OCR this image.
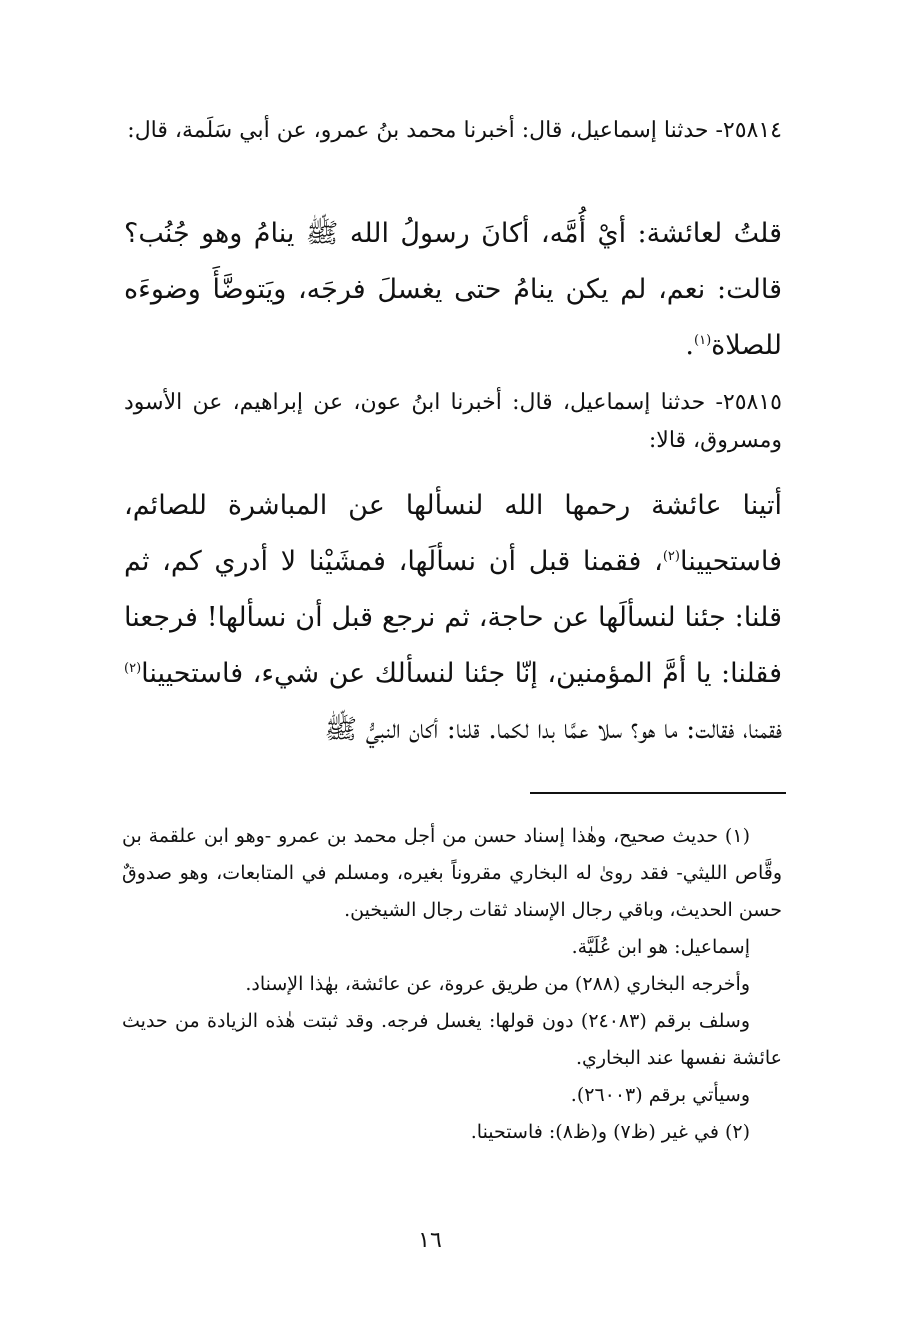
٢٥٨١٤- حدثنا إسماعيل، قال: أخبرنا محمد بنُ عمرو، عن أبي سَلَمة، قال:

قلتُ لعائشة: أيْ أُمَّه، أكانَ رسولُ الله ﷺ ينامُ وهو جُنُب؟ قالت: نعم، لم يكن ينامُ حتى يغسلَ فرجَه، ويَتوضَّأَ وضوءَه للصلاة$^{(١)}$.

٢٥٨١٥- حدثنا إسماعيل، قال: أخبرنا ابنُ عون، عن إبراهيم، عن الأسود ومسروق، قالا:

أتينا عائشة رحمها الله لنسألها عن المباشرة للصائم، فاستحيينا$^{(٢)}$، فقمنا قبل أن نسألَها، فمشَيْنا لا أدري كم، ثم قلنا: جئنا لنسألَها عن حاجة، ثم نرجع قبل أن نسألها! فرجعنا فقلنا: يا أمَّ المؤمنين، إنّا جئنا لنسألك عن شيء، فاستحيينا$^{(٢)}$ فقمنا، فقالت: ما هو؟ سلا عمَّا بدا لكما. قلنا: أكان النبيُّ ﷺ

(١) حديث صحيح، وهٰذا إسناد حسن من أجل محمد بن عمرو -وهو ابن علقمة بن وقَّاص الليثي- فقد روىٰ له البخاري مقروناً بغيره، ومسلم في المتابعات، وهو صدوقٌ حسن الحديث، وباقي رجال الإسناد ثقات رجال الشيخين.

إسماعيل: هو ابن عُلَيَّة.

وأخرجه البخاري (٢٨٨) من طريق عروة، عن عائشة، بهٰذا الإسناد.

وسلف برقم (٢٤٠٨٣) دون قولها: يغسل فرجه. وقد ثبتت هٰذه الزيادة من حديث عائشة نفسها عند البخاري.

وسيأتي برقم (٢٦٠٠٣).

(٢) في غير (ظ٧) و(ظ٨): فاستحينا.

١٦
